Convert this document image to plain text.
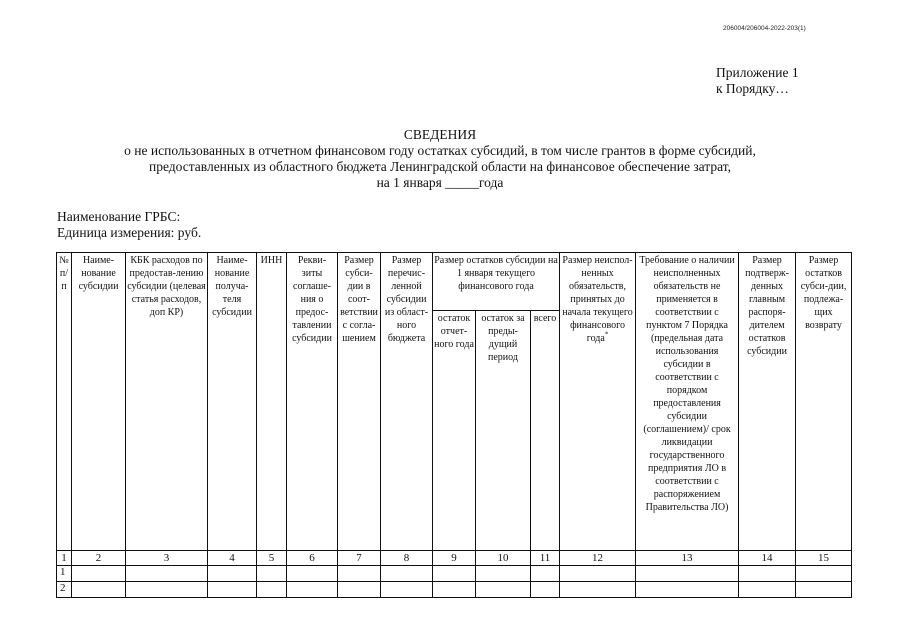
206004/206004-2022-203(1)
Приложение 1
к Порядку…
СВЕДЕНИЯ
о не использованных в отчетном финансовом году остатках субсидий, в том числе грантов в форме субсидий,
предоставленных из областного бюджета Ленинградской области на финансовое обеспечение затрат,
на 1 января _____года
Наименование ГРБС:
Единица измерения: руб.
№ п/п	Наиме-нование субсидии	КБК расходов по предостав-лению субсидии (целевая статья расходов, доп КР)	Наиме-нование получа-теля субсидии	ИНН	Рекви-зиты соглаше-ния о предос-тавлении субсидии	Размер субси-дии в соот-ветствии с согла-шением	Размер перечис-ленной субсидии из област-ного бюджета	Размер остатков субсидии на 1 января текущего финансового года			Размер неиспол-ненных обязательств, принятых до начала текущего финансового года*	Требование о наличии неисполненных обязательств не применяется в соответствии с пунктом 7 Порядка (предельная дата использования субсидии в соответствии с порядком предоставления субсидии (соглашением)/ срок ликвидации государственного предприятия ЛО в соответствии с распоряжением Правительства ЛО)	Размер подтверж-денных главным распоря-дителем остатков субсидии	Размер остатков субси-дии, подлежа-щих возврату
								остаток отчет-ного года	остаток за преды-дущий период	всего				
1	2	3	4	5	6	7	8	9	10	11	12	13	14	15
1														
2														
